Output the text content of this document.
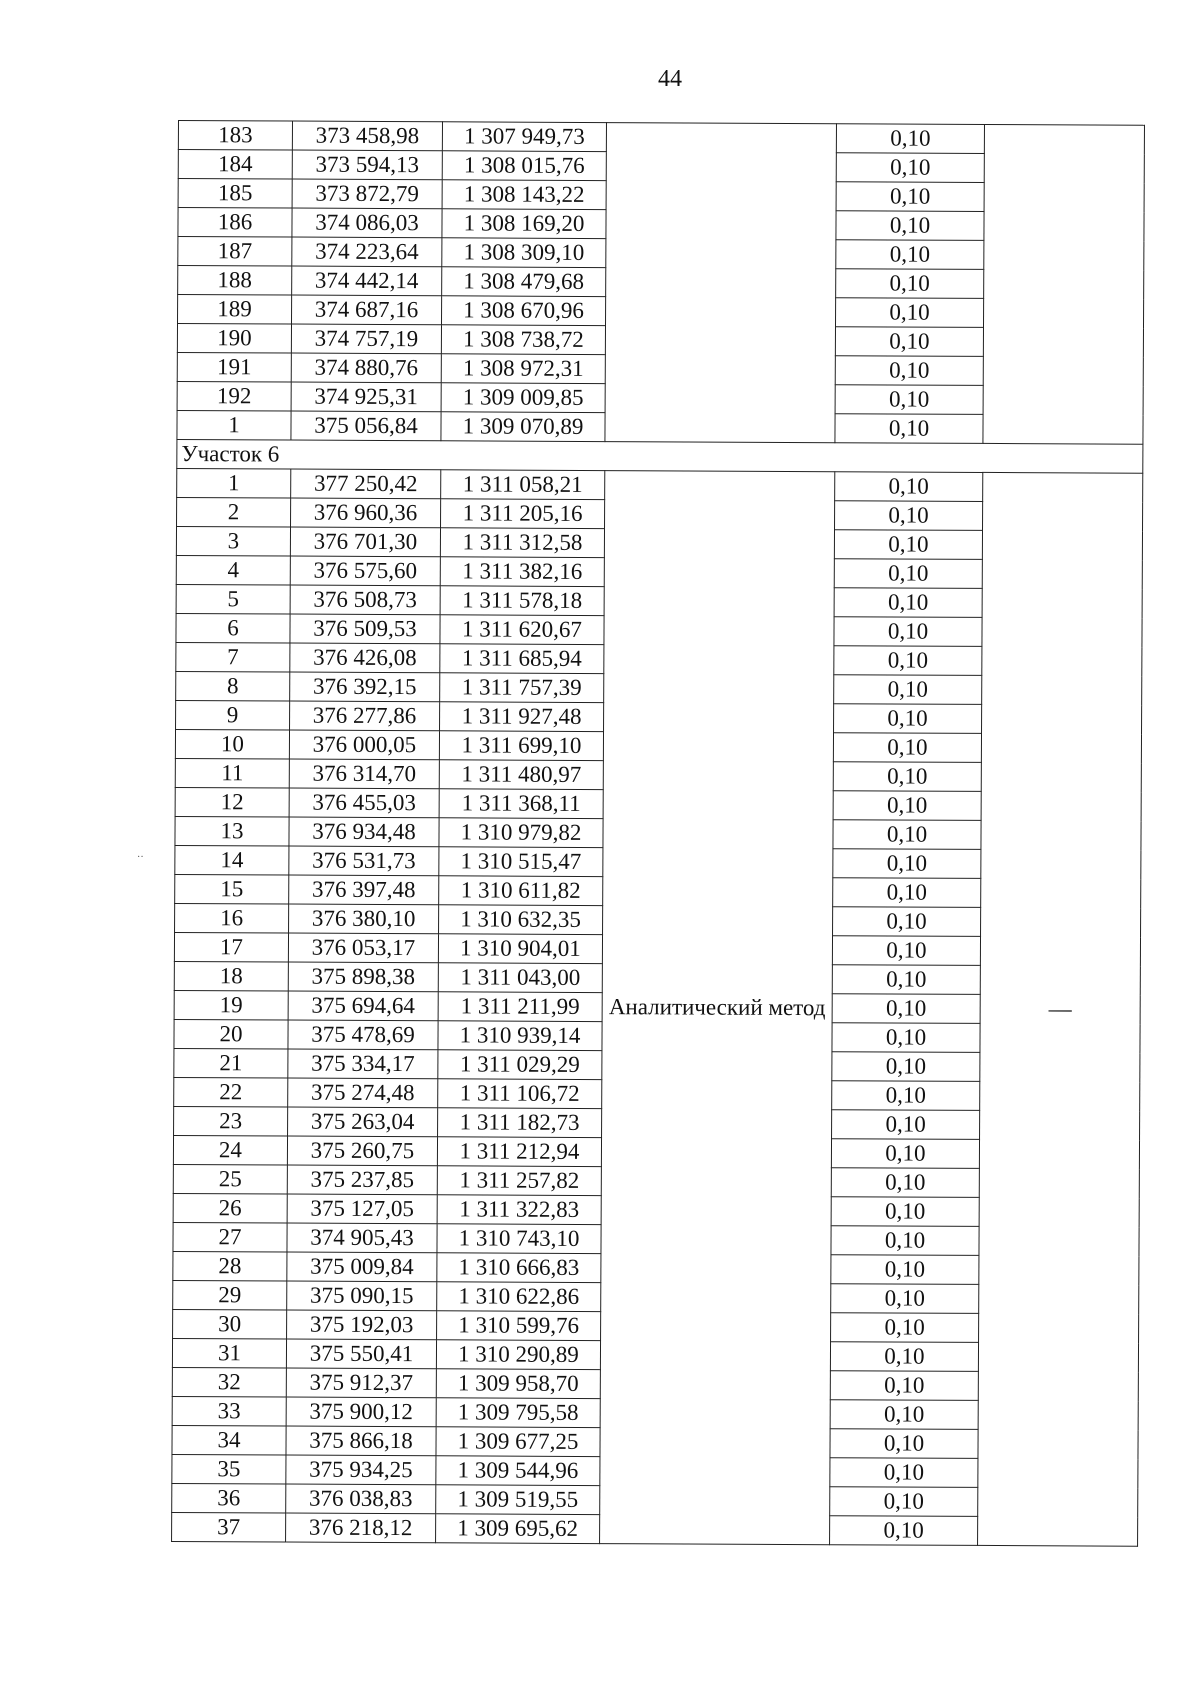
44
183	373 458,98	1 307 949,73		0,10	
184	373 594,13	1 308 015,76		0,10	
185	373 872,79	1 308 143,22		0,10	
186	374 086,03	1 308 169,20		0,10	
187	374 223,64	1 308 309,10		0,10	
188	374 442,14	1 308 479,68		0,10	
189	374 687,16	1 308 670,96		0,10	
190	374 757,19	1 308 738,72		0,10	
191	374 880,76	1 308 972,31		0,10	
192	374 925,31	1 309 009,85		0,10	
1	375 056,84	1 309 070,89		0,10	
Участок 6					
1	377 250,42	1 311 058,21	Аналитический метод	0,10	—
2	376 960,36	1 311 205,16		0,10	
3	376 701,30	1 311 312,58		0,10	
4	376 575,60	1 311 382,16		0,10	
5	376 508,73	1 311 578,18		0,10	
6	376 509,53	1 311 620,67		0,10	
7	376 426,08	1 311 685,94		0,10	
8	376 392,15	1 311 757,39		0,10	
9	376 277,86	1 311 927,48		0,10	
10	376 000,05	1 311 699,10		0,10	
11	376 314,70	1 311 480,97		0,10	
12	376 455,03	1 311 368,11		0,10	
13	376 934,48	1 310 979,82		0,10	
14	376 531,73	1 310 515,47		0,10	
15	376 397,48	1 310 611,82		0,10	
16	376 380,10	1 310 632,35		0,10	
17	376 053,17	1 310 904,01		0,10	
18	375 898,38	1 311 043,00		0,10	
19	375 694,64	1 311 211,99		0,10	
20	375 478,69	1 310 939,14		0,10	
21	375 334,17	1 311 029,29		0,10	
22	375 274,48	1 311 106,72		0,10	
23	375 263,04	1 311 182,73		0,10	
24	375 260,75	1 311 212,94		0,10	
25	375 237,85	1 311 257,82		0,10	
26	375 127,05	1 311 322,83		0,10	
27	374 905,43	1 310 743,10		0,10	
28	375 009,84	1 310 666,83		0,10	
29	375 090,15	1 310 622,86		0,10	
30	375 192,03	1 310 599,76		0,10	
31	375 550,41	1 310 290,89		0,10	
32	375 912,37	1 309 958,70		0,10	
33	375 900,12	1 309 795,58		0,10	
34	375 866,18	1 309 677,25		0,10	
35	375 934,25	1 309 544,96		0,10	
36	376 038,83	1 309 519,55		0,10	
37	376 218,12	1 309 695,62		0,10	
··
